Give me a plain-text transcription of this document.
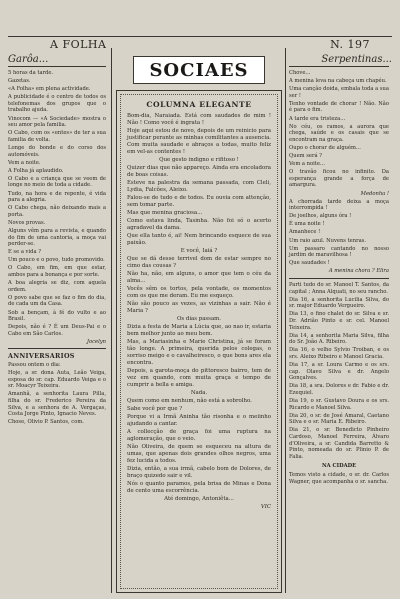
A FOLHA	N. 197
Garôa...	Serpentinas...

5 horas da tarde.

Gazetas.

«A Folha» em plena actividade.

A publicidade é o centro de todos os telefonemas dos grupos que o trabalho ajuda.

Vinocom — «A Sociedade» mostra o seu amor pela familia.

O Cabo, com os «entes» de ter a sua familia de volta.

Longe do bonde e do corso dos automóveis.

Vem a noite.

A Folha já aplaudido.

O Cabo e a criança que se veem de longe no meio de toda a cidade.

Tudo, na hora e de repente, é vida para a alegria.

O Cabo chega, não deixando mais a porta.

Novos provas.

Alguns vêm para a revista, e quando do fim de uma cantoria, a moça vai perder-se.

E se a vida ?

Um pouco e o povo, tudo promovido.

O Cabo, em fim, em que estar, ambos para a bonança e por sorte.

A boa alegria se diz, com aquela ordem.

O povo sabe que se faz o fim do dia, de cada um da Casa.

Sob a bençam, à fé do vulto e ao Brasil.

Depois, não é ? É um Deus-Pai e o Cabo em São Carlos.

Jocelyn

ANNIVERSARIOS

Passou ontem o dia:

Hoje, a sr. dona Auta, Leão Veiga, esposa do sr. cap. Eduardo Veiga e o sr. Moacyr Teixeira.

Amanhã, a senhorita Laura Pilla, filha do sr. Frederico Pereira da Silva, e a senhora de A. Vergaças, Costa Jorge Pinto, Ignacio Neves.

Chose, Olivio P. Santos, com.

SOCIAES
COLUMNA ELEGANTE

Bom-dia, Naraiada. Está com saudades de mim ! Não ! Como você é ingrata !

Hoje aqui estou de novo, depois de um reinicio para justificar perante as minhas comilitantes a ausencia. Com muita saudade e abraços a todas, muito feliz em vel-as contentes !

Que gesto indigno e rifitoso !

Quizer dias que não appareço. Ainda era encoladora de boas coisas.

Esteve na palestra da semana passada, com Cleli, Lydia, Falcões, Aleixo.

Falou-se de tudo e de todos. Eu ouvia com attenção, sem tomar parte.

Mas que menina graciosa...

Como estava linda, Tasinha. Não foi só o acerto agradavel da dama.

Que ella tanto é, ai! Nem brincando esquece de sua paixão.

E você, Iaiá ?

Que se dá desse terrivel dom de estar sempre no cimo das cousas ?

Não ha, não, em alguns, o amor que tem o céu da alma...

Vocês sêm os tortos, pela vontade, os momentos com os que me deram. Eu me esqueço.

Não são pouco as vezes, as vizinhas a sair. Não é Maria ?

Os dias passam.

Dizia a festa de Maria a Lúcia que, ao nao ir, estaria bem melhor junto ao meu bem.

Mas, a Mariasinha e Marie Christina, já se foram tão longe. A primeira, querida pelos colegas, o sorriso meigo e o cavalheiresco, o que bons ares ela encontra.

Depois, a garota-moça do pittoresco bairro, tem de vez em quando, com muita graça e tempo de cumprir a bella e amiga.

Nada.

Quem como em nenhum, não está a sobrolho.

Sabe você por que ?

Porque vi a Irmã Aninha tão risonha e o meiinho ajudando a cantar.

A collecção de graça foi uma ruptura na aglomeração, que o veio.

Não Oliveira, de quem se esqueceu na altura de umas, que apenas dois grandes olhos negros, uma fez lucida a todos.

Dizia, então, a sua irmã, cabelo bom de Dolores, de braço quizedo sair e vil.

Nós o quanto paramos, pela brisa de Minas e Dona de cento uma escorrência.

Até domingo, Antoniêta...

VIC

Chove...

A menina leva na cabeça um chapéu.

Uma canção doida, embala toda a sua ser !

Tenho vontade de chorar ! Não. Não é para o fim.

A tarde era tristeza...

No céu, os ramos, a aurora que chega, saúde e os casais que se encontram na graça.

Oupo o chorar de alguém...

Quem será ?

Vem a noite...

O travão ficou no infinito. Da esperança grande a força de amargura.

Medonha !

A chorrada tarde deixa a moça interrompida !

De joelhos, alguns óra !

É uma noite !

Amanhece !

Um raio azul. Nuvens tenras.

Um passaro cantando no nosso jardim de maravilhosa !

Que saudades !

A menina chora ? Elira

Parti tudo do sr. Manoel T. Santos, da capital ; Anna Alquati, no seu rancho.

Dia 16, a senhorita Lucilia Silva, do sr. major Eduardo Vergueiro.

Dia 13, o fino chalet do sr. Silva e sr. Dr. Adrião Pinto e sr. cel. Manoel Teixeira.

Dia 14, a senhorita Maria Silva, filha do Sr. João A. Ribeiro.

Dia 16, o velho Sylvio Troiban, e os srs. Aleixo Ribeiro e Manoel Gracia.

Dia 17, a sr. Loura Carmo e os srs. cap. Olavo Silva e dr. Angelo Gonçalves.

Dia 18, a sra. Dolores e dr. Fabio e dr. Ezequiel.

Dia 19, o sr. Gustavo Doura e os srs. Ricardo e Manoel Silva.

Dia 20, o sr. de José Amaral, Caetano Silva e o sr. Maria E. Ribeiro.

Dia 21, o sr. Benedicto Pinheiro Cardoso, Manoel Ferreira, Álvaro d'Oliveira, a sr. Candida Barretto & Pinto, nomeada do sr. Plinio P. de Falia.

NA CIDADE

Temos visto a cidade, o sr. dr. Carlos Wagner, que acompanha o sr. sancha.
